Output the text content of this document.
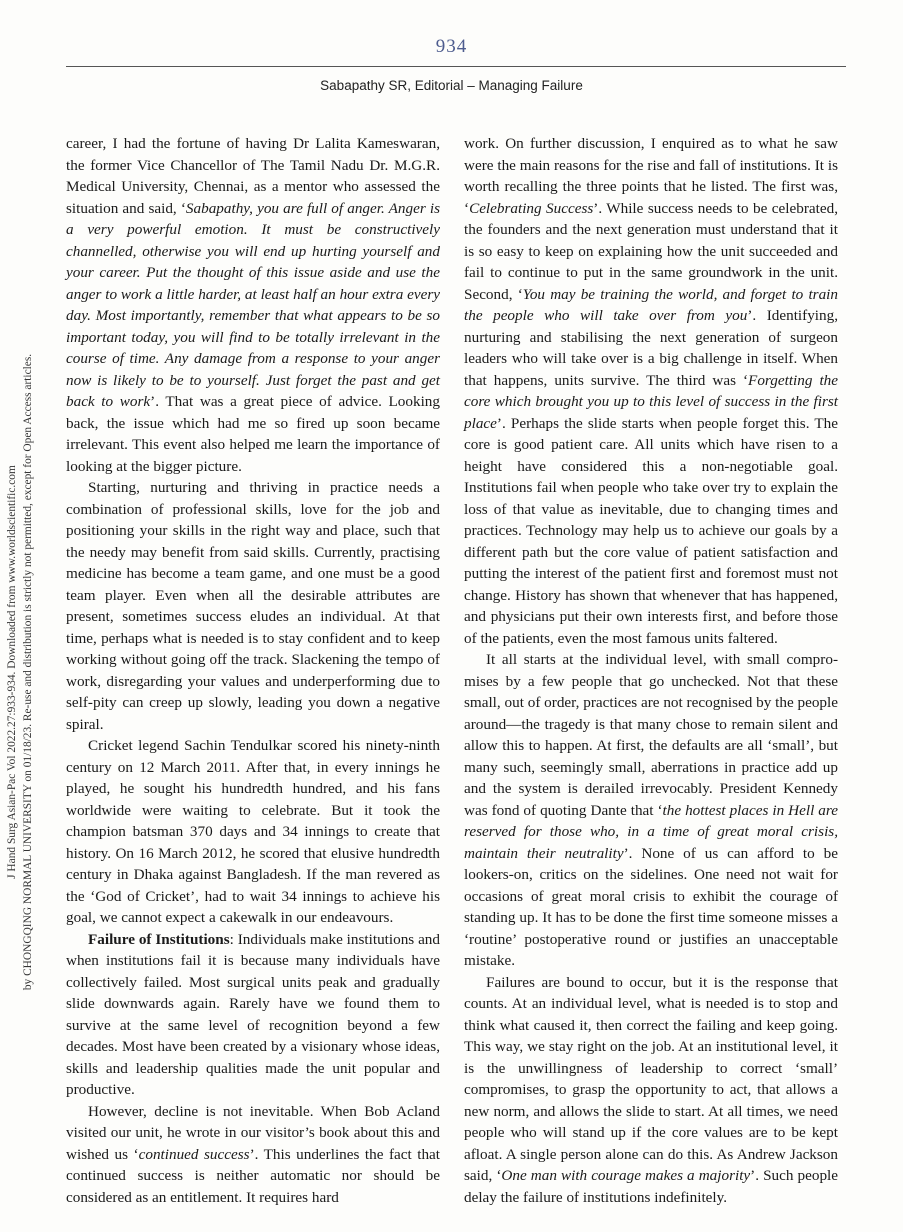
934
Sabapathy SR, Editorial – Managing Failure
J Hand Surg Asian-Pac Vol 2022.27:933-934. Downloaded from www.worldscientific.com by CHONGQING NORMAL UNIVERSITY on 01/18/23. Re-use and distribution is strictly not permitted, except for Open Access articles.

career, I had the fortune of having Dr Lalita Kameswaran, the former Vice Chancellor of The Tamil Nadu Dr. M.G.R. Medical University, Chennai, as a mentor who assessed the situation and said, ‘Sabapathy, you are full of anger. Anger is a very powerful emotion. It must be constructively channelled, otherwise you will end up hurting yourself and your career. Put the thought of this issue aside and use the anger to work a little harder, at least half an hour extra every day. Most importantly, remember that what appears to be so important today, you will find to be totally irrelevant in the course of time. Any damage from a response to your anger now is likely to be to yourself. Just forget the past and get back to work’. That was a great piece of advice. Looking back, the issue which had me so fired up soon became irrelevant. This event also helped me learn the importance of looking at the bigger picture.

Starting, nurturing and thriving in practice needs a combination of professional skills, love for the job and positioning your skills in the right way and place, such that the needy may benefit from said skills. Currently, practising medicine has become a team game, and one must be a good team player. Even when all the desirable attributes are present, sometimes success eludes an individual. At that time, perhaps what is needed is to stay confident and to keep working without going off the track. Slackening the tempo of work, disregarding your values and underperforming due to self-pity can creep up slowly, leading you down a negative spiral.

Cricket legend Sachin Tendulkar scored his ninety-ninth century on 12 March 2011. After that, in every innings he played, he sought his hundredth hundred, and his fans worldwide were waiting to celebrate. But it took the champion batsman 370 days and 34 innings to create that history. On 16 March 2012, he scored that elusive hundredth century in Dhaka against Bangladesh. If the man revered as the ‘God of Cricket’, had to wait 34 innings to achieve his goal, we cannot expect a cakewalk in our endeavours.

Failure of Institutions: Individuals make institutions and when institutions fail it is because many individuals have collectively failed. Most surgical units peak and gradually slide downwards again. Rarely have we found them to survive at the same level of recognition beyond a few decades. Most have been created by a visionary whose ideas, skills and leadership qualities made the unit popular and productive.

However, decline is not inevitable. When Bob Acland visited our unit, he wrote in our visitor’s book about this and wished us ‘continued success’. This underlines the fact that continued success is neither automatic nor should be considered as an entitlement. It requires hard

work. On further discussion, I enquired as to what he saw were the main reasons for the rise and fall of institutions. It is worth recalling the three points that he listed. The first was, ‘Celebrating Success’. While success needs to be celebrated, the founders and the next generation must understand that it is so easy to keep on explaining how the unit succeeded and fail to continue to put in the same groundwork in the unit. Second, ‘You may be training the world, and forget to train the people who will take over from you’. Identifying, nurturing and stabilising the next generation of surgeon leaders who will take over is a big challenge in itself. When that happens, units survive. The third was ‘Forgetting the core which brought you up to this level of success in the first place’. Perhaps the slide starts when people forget this. The core is good patient care. All units which have risen to a height have considered this a non-negotiable goal. Institutions fail when people who take over try to explain the loss of that value as inevitable, due to changing times and practices. Technology may help us to achieve our goals by a different path but the core value of patient satisfaction and putting the interest of the patient first and foremost must not change. History has shown that whenever that has happened, and physicians put their own interests first, and before those of the patients, even the most famous units faltered.

It all starts at the individual level, with small compromises by a few people that go unchecked. Not that these small, out of order, practices are not recognised by the people around—the tragedy is that many chose to remain silent and allow this to happen. At first, the defaults are all ‘small’, but many such, seemingly small, aberrations in practice add up and the system is derailed irrevocably. President Kennedy was fond of quoting Dante that ‘the hottest places in Hell are reserved for those who, in a time of great moral crisis, maintain their neutrality’. None of us can afford to be lookers-on, critics on the sidelines. One need not wait for occasions of great moral crisis to exhibit the courage of standing up. It has to be done the first time someone misses a ‘routine’ postoperative round or justifies an unacceptable mistake.

Failures are bound to occur, but it is the response that counts. At an individual level, what is needed is to stop and think what caused it, then correct the failing and keep going. This way, we stay right on the job. At an institutional level, it is the unwillingness of leadership to correct ‘small’ compromises, to grasp the opportunity to act, that allows a new norm, and allows the slide to start. At all times, we need people who will stand up if the core values are to be kept afloat. A single person alone can do this. As Andrew Jackson said, ‘One man with courage makes a majority’. Such people delay the failure of institutions indefinitely.
